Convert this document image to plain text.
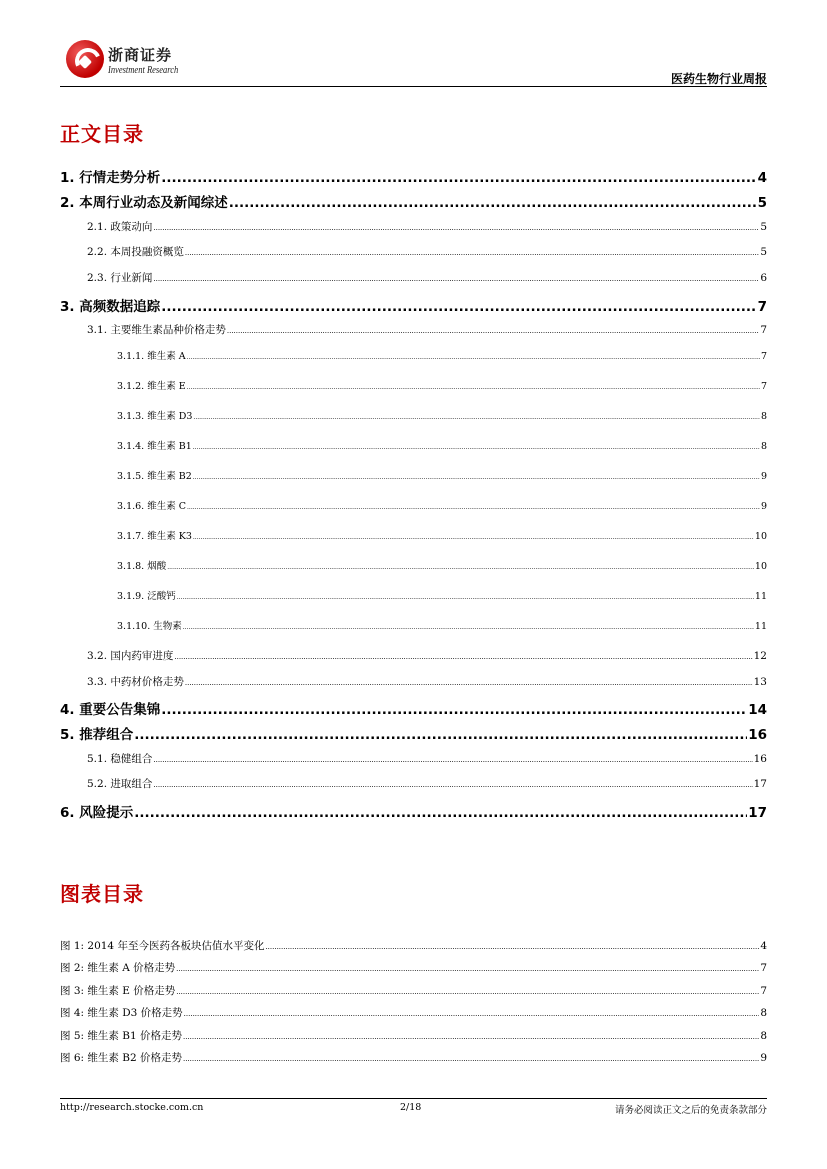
浙商证券
Investment Research
医药生物行业周报
正文目录
1. 行情走势分析 .....	4
2. 本周行业动态及新闻综述 .....	5
2.1. 政策动向 .....	5
2.2. 本周投融资概览 .....	5
2.3. 行业新闻 .....	6
3. 高频数据追踪 .....	7
3.1. 主要维生素品种价格走势 .....	7
3.1.1. 维生素 A .....	7
3.1.2. 维生素 E .....	7
3.1.3. 维生素 D3 .....	8
3.1.4. 维生素 B1 .....	8
3.1.5. 维生素 B2 .....	9
3.1.6. 维生素 C .....	9
3.1.7. 维生素 K3 .....	10
3.1.8. 烟酸 .....	10
3.1.9. 泛酸钙 .....	11
3.1.10. 生物素 .....	11
3.2. 国内药审进度 .....	12
3.3. 中药材价格走势 .....	13
4. 重要公告集锦 .....	14
5. 推荐组合 .....	16
5.1. 稳健组合 .....	16
5.2. 进取组合 .....	17
6. 风险提示 .....	17
图表目录
图 1: 2014 年至今医药各板块估值水平变化 .....	4
图 2: 维生素 A 价格走势 .....	7
图 3: 维生素 E 价格走势 .....	7
图 4: 维生素 D3 价格走势 .....	8
图 5: 维生素 B1 价格走势 .....	8
图 6: 维生素 B2 价格走势 .....	9
http://research.stocke.com.cn	2/18	请务必阅读正文之后的免责条款部分
